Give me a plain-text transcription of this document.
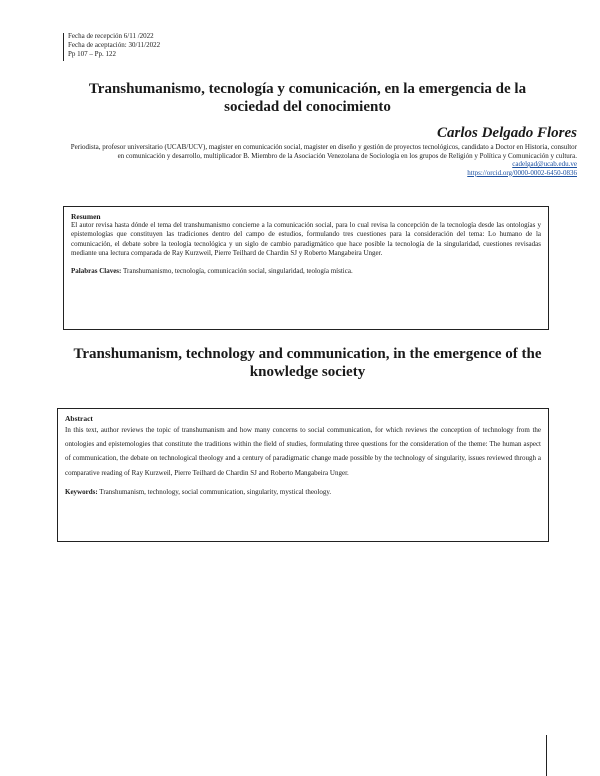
Fecha de recepción 6/11 /2022
Fecha de aceptación: 30/11/2022
Pp 107 – Pp. 122
Transhumanismo, tecnología y comunicación, en la emergencia de la sociedad del conocimiento
Carlos Delgado Flores
Periodista, profesor universitario (UCAB/UCV), magister en comunicación social, magister en diseño y gestión de proyectos tecnológicos, candidato a Doctor en Historia, consultor en comunicación y desarrollo, multiplicador B. Miembro de la Asociación Venezolana de Sociología en los grupos de Religión y Política y Comunicación y cultura.
cadelgad@ucab.edu.ve
https://orcid.org/0000-0002-6450-0836
Resumen

El autor revisa hasta dónde el tema del transhumanismo concierne a la comunicación social, para lo cual revisa la concepción de la tecnología desde las ontologías y epistemologías que constituyen las tradiciones dentro del campo de estudios, formulando tres cuestiones para la consideración del tema: Lo humano de la comunicación, el debate sobre la teología tecnológica y un siglo de cambio paradigmático que hace posible la tecnología de la singularidad, cuestiones revisadas mediante una lectura comparada de Ray Kurzweil, Pierre Teilhard de Chardin SJ y Roberto Mangabeira Unger.

Palabras Claves: Transhumanismo, tecnología, comunicación social, singularidad, teología mística.
Transhumanism, technology and communication, in the emergence of the knowledge society
Abstract

In this text, author reviews the topic of transhumanism and how many concerns to social communication, for which reviews the conception of technology from the ontologies and epistemologies that constitute the traditions within the field of studies, formulating three questions for the consideration of the theme: The human aspect of communication, the debate on technological theology and a century of paradigmatic change made possible by the technology of singularity, issues reviewed through a comparative reading of Ray Kurzweil, Pierre Teilhard de Chardin SJ and Roberto Mangabeira Unger.

Keywords: Transhumanism, technology, social communication, singularity, mystical theology.
